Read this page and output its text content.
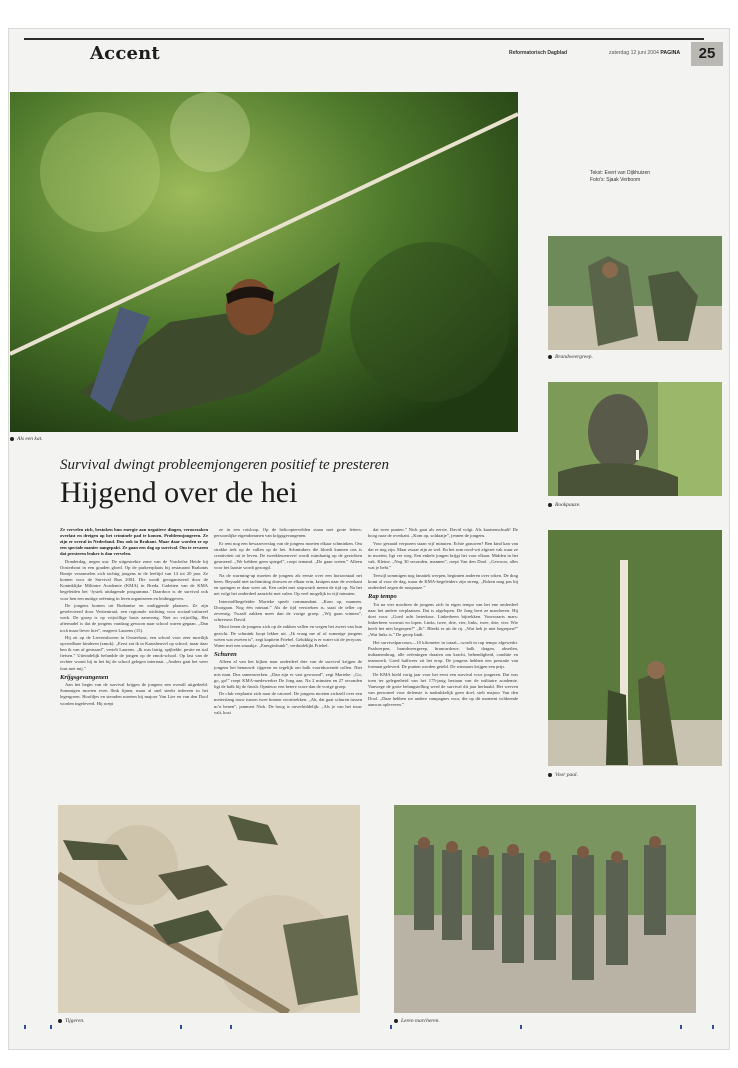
Accent	Reformatorisch Dagblad	zaterdag 12 juni 2004 PAGINA	25
Als een kat.
Tekst: Evert van Dijkhuizen
Foto's: Sjaak Verboom
Brandweergreep.
Rookpauze.
Voor paal.
Survival dwingt probleemjongeren positief te presteren
Hijgend over de hei

Ze vervelen zich, bestoken hun energie aan negatieve dingen, veroorzaken overlast en dreigen op het criminele pad te komen. Probleemjongeren. Ze zijn er overal in Nederland. Dus ook in Brabant. Maar daar worden ze op een speciale manier aangepakt. Ze gaan een dag op survival. Om te ervaren dat presteren leuker is dan vervelen.

Donderdag, negen uur. De uitgestrekte zone van de Vrachelse Heide bij Oosterhout in een gouden gloed. Op de parkeerplaats bij restaurant Brabants Bontje verzamelen zich tachtig jongens in de leeftijd van 14 tot 20 jaar. Ze komen voor de Survival Run 2004. Die wordt georganiseerd door de Koninklijke Militaire Academie (KMA) in Breda. Cadetten van de KMA begeleiden het ‘fysiek uitdagende programma.’ Daardoor is de survival ook voor hen een nuttige oefening in leren organiseren en leidinggeven.

De jongens komen uit Brabantse en omliggende plaatsen. Ze zijn geselecteerd door Vertientraal, een regionale stichting voor sociaal-cultureel werk. De groep is op vrijwillige basis aanwezig. Niet zo vrijwillig. Het afternadel is dat de jongens vandaag gewoon naar school waren gegaan. „Dan toch maar liever hier”, reageert Laurens (15).

Hij zit op de Lievenshoven in Oosterhout, een school voor zeer moeilijk opvoedbare kinderen (zmok). „Eerst zat ik in Kaatsheuvel op school, maar daar ben ik van af gestuurd”, vertelt Laurens. „Ik was lastig, spijbelde, pestte en stal fietsen.” Uiteindelijk belandde de jongen op de zmok-school. Op last van de rechter woont hij in het bij de school gelegen internaat. „Anders gaat het weer fout met mij.”

Krijgsgevangenen

Aan het begin van de survival krijgen de jongens een overall uitgedeeld. Sommigen moeten even flink lijnen, maar al snel steekt iedereen in het legergroen. Hoofdjes en sieraden moeten bij majoor Van Lier en van den Dool worden ingeleverd. Hij roept

ze in een rotsloop. Op de helicoptervelden staan met grote letters: persoonlijke eigendommen van krijgsgevangenen.

Er rent nog een bewaarverslag van de jongens moeten elkaar schminken. Om strakke trek op de vallen op de hei. Schminkers die bloedt kunnen ons is creativiteit uit te leven. De tweekleurenverf wordt ruimhartig op de gezichten gesmeerd. „We hebben geen spiegel”, roept iemand. „De gaan weten.” Alleen voor het laatste wordt gezorgd.

Na de warming-up moeten de jongens als eerste over een horizontaal net heen. Beyuald niet tachtmiting douwen ze elkaar erin, kruipen naar de overkant en springen er daar weer uit. Een cadet met stopwatch neemt de tijd op. Na het net volgt het onderdeel aanzicht met valen. Op veel mogelijk in vijf minuten.

Interstaffbegeleider Marieke speelt commandant. „Kom op, mannen. Doorgaan. Nog één minuut.” Als de tijd verstreken is, staat de teller op zevenrig. Twaalf zakken meer dan de vorige groep. „Wij gaan winnen”, schreeuwt David.

Mooi lenen de jongens zich op de zakken vallen en wegen het zweet van hun gezicht. De schmink loopt lekker uit. „Ik vraag me af of sommige jongens weten wat zweten is”, zegt kapitein Friebel. Gelukkig is er water uit de jerrycan. Water met een smaakje. „Energiedrank”, verduidelijkt Friebel.

Schuren

Alleen al van het kijken naar onderdeel drie van de survival krijgen de jongens het benauwd: tijgeren en tegelijk om balk voortduwende rollen. Niet mis man. Dus samenwerken. „Dan zijn er vast gewoond”, zegt Marieke. „Go, go, go!” roept KMA-medewerker De Jong aan. Na 2 minuten en 27 seconden ligt de balk bij de finish. Opnieuw een betere score dan de vorige groep.

De club verplaatst zich naar de catorsel. De jongens moeten zichzelf over een meterslang touw tussen twee bomen voorttrekken. „Ah, dat gaat schuren tussen m’n benen”, jammert Nick. De hoog is onverbiddelijk: „Als je van het touw valt, kost

dat twee punten.” Nick gaat als eerste. David volgt. Als kaatsenschudt! De hoog naar de overkant. „Kom op, soldaatje”, jennen de jongens.

Voor gezaaid verpozen staan vijf minuten. Echte grauwen? Ben kind kan van dat er nog zijn. Maar zwaar zijn ze wel. En het rum rood-wit afgezet vak waar ze in moeten, ligt ver weg. Een enkele jongen krijgt het voor elkaar. Midden in het vak. Kleine. „Nog 30 seconden, mannen”, roept Van den Dool. „Gewoon, alles wat je hebt.”

Terwijl sommigen nog fanatiek werpen, beginnen anderen over roken. De drag komt al voor de dag, maar de KMA-begeleiders zijn streng. „Roken mag pas bij onderdeel zegen de rustpauze.”

Rap tempo

Tot na vier mochten de jongens zich in eigen tempo van het ene onderdeel naar het andere verplaatsen. Dat is afgelopen. De Jong leert ze marcheren. Hij doet voor. „Goed acht heterkoor. Linkerbeen bijtrekken. Voorwaarts mars: linkerbeen voorruit en lopen. Links, twee, drie, vier, links, twee, drie, vier. Wie heeft het niet begrepen?” „Ik”. Bleekt er uit de rij. „Wat heb je niet begrepen?” „Wat links is.” De groep lindt.

Het survivalparcours—10 kilometer in totaal—wordt in rap tempo afgewerkt. Paalwerpen, brandweergreep, brancardrace, balk dragen, abseilen, indiaanenbrug, alle oefeningen draaien om kracht, behendigheid, conditie en teamwerk. Goed halfweer zit het erop. De jongens hebben een prestatie van formaat geleverd. De punten worden geteld. De winnaars krijgen een prijs.

De KMA hield vorig jaar voor het eerst een survival voor jongeren. Dat was toen ter gelegenheid van het 175-jarig bestaan van de militaire academie. Vanwege de grote belangstelling werd de survival dit jaar herhaald. Het werven van personeel voor defensie is nadrukkelijk geen doel, stelt majoor Van den Dool. „Daar hebben we andere campagnes voor, die op dit moment voldoende aanwas opleveren.”

Tijgeren.	Leren marcheren.
